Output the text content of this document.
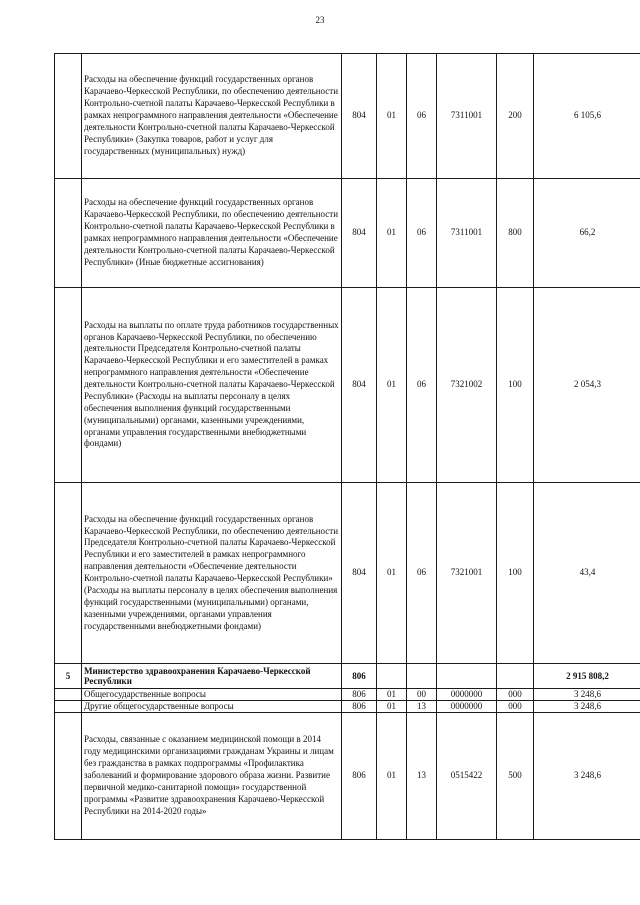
23
	Расходы на обеспечение функций государственных органов Карачаево-Черкесской Республики, по обеспечению деятельности Контрольно-счетной палаты Карачаево-Черкесской Республики в рамках непрограммного направления деятельности «Обеспечение деятельности Контрольно-счетной палаты Карачаево-Черкесской Республики» (Закупка товаров, работ и услуг для государственных (муниципальных) нужд)	804	01	06	7311001	200	6 105,6
	Расходы на обеспечение функций государственных органов Карачаево-Черкесской Республики, по обеспечению деятельности Контрольно-счетной палаты Карачаево-Черкесской Республики в рамках непрограммного направления деятельности «Обеспечение деятельности Контрольно-счетной палаты Карачаево-Черкесской Республики» (Иные бюджетные ассигнования)	804	01	06	7311001	800	66,2
	Расходы на выплаты по оплате труда работников государственных органов Карачаево-Черкесской Республики, по обеспечению деятельности Председателя Контрольно-счетной палаты Карачаево-Черкесской Республики и его заместителей в рамках непрограммного направления деятельности «Обеспечение деятельности Контрольно-счетной палаты Карачаево-Черкесской Республики» (Расходы на выплаты персоналу в целях обеспечения выполнения функций государственными (муниципальными) органами, казенными учреждениями, органами управления государственными внебюджетными фондами)	804	01	06	7321002	100	2 054,3
	Расходы на обеспечение функций государственных органов Карачаево-Черкесской Республики, по обеспечению деятельности Председателя Контрольно-счетной палаты Карачаево-Черкесской Республики и его заместителей в рамках непрограммного направления деятельности «Обеспечение деятельности Контрольно-счетной палаты Карачаево-Черкесской Республики» (Расходы на выплаты персоналу в целях обеспечения выполнения функций государственными (муниципальными) органами, казенными учреждениями, органами управления государственными внебюджетными фондами)	804	01	06	7321001	100	43,4
5	Министерство здравоохранения Карачаево-Черкесской Республики	806					2 915 808,2
	Общегосударственные вопросы	806	01	00	0000000	000	3 248,6
	Другие общегосударственные вопросы	806	01	13	0000000	000	3 248,6
	Расходы, связанные с оказанием медицинской помощи в 2014 году медицинскими организациями гражданам Украины и лицам без гражданства в рамках подпрограммы «Профилактика заболеваний и формирование здорового образа жизни. Развитие первичной медико-санитарной помощи» государственной программы «Развитие здравоохранения Карачаево-Черкесской Республики на 2014-2020 годы»	806	01	13	0515422	500	3 248,6
